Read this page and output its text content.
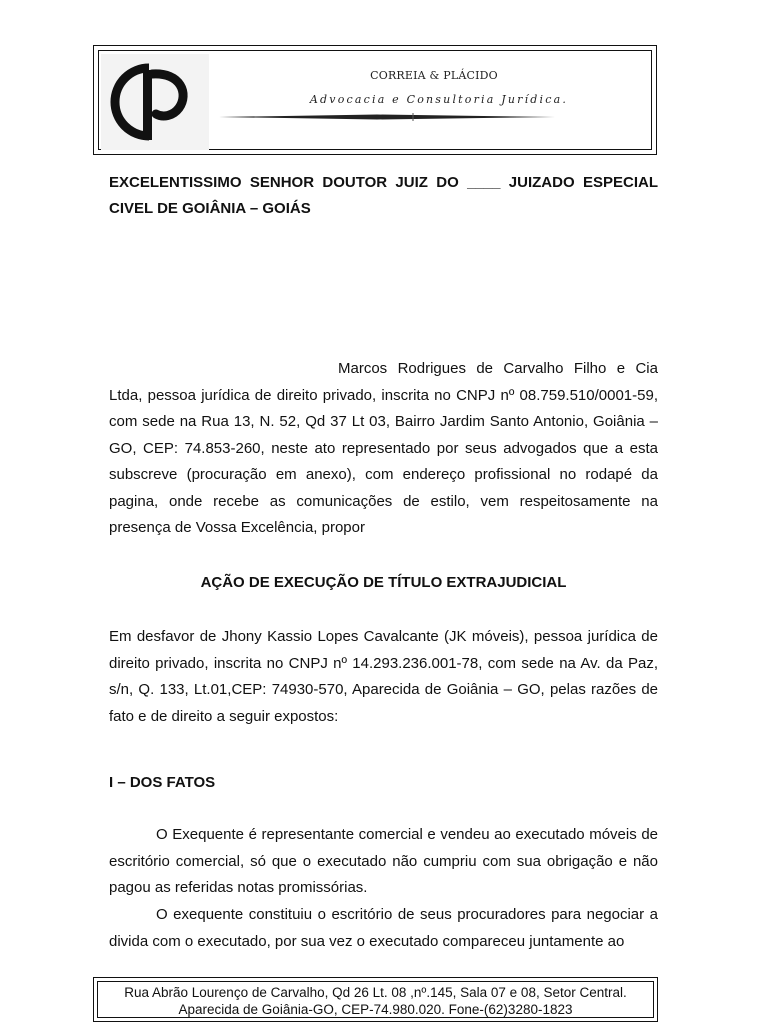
CORREIA & PLÁCIDO
Advocacia e Consultoria Jurídica.
EXCELENTISSIMO SENHOR DOUTOR JUIZ DO ____ JUIZADO ESPECIAL CIVEL DE GOIÂNIA – GOIÁS
Marcos Rodrigues de Carvalho Filho e Cia Ltda, pessoa jurídica de direito privado, inscrita no CNPJ nº 08.759.510/0001-59, com sede na Rua 13, N. 52, Qd 37 Lt 03, Bairro Jardim Santo Antonio, Goiânia – GO, CEP: 74.853-260, neste ato representado por seus advogados que a esta subscreve (procuração em anexo), com endereço profissional no rodapé da pagina, onde recebe as comunicações de estilo, vem respeitosamente na presença de Vossa Excelência, propor
AÇÃO DE EXECUÇÃO DE TÍTULO EXTRAJUDICIAL
Em desfavor de Jhony Kassio Lopes Cavalcante (JK móveis), pessoa jurídica de direito privado, inscrita no CNPJ nº 14.293.236.001-78, com sede na Av. da Paz, s/n, Q. 133, Lt.01,CEP: 74930-570, Aparecida de Goiânia – GO, pelas razões de fato e de direito a seguir expostos:
I – DOS FATOS
O Exequente é representante comercial e vendeu ao executado móveis de escritório comercial, só que o executado não cumpriu com sua obrigação e não pagou as referidas notas promissórias.
O exequente constituiu o escritório de seus procuradores para negociar a divida com o executado, por sua vez o executado compareceu juntamente ao
Rua Abrão Lourenço de Carvalho, Qd 26 Lt. 08 ,nº.145, Sala 07 e 08, Setor Central.
Aparecida de Goiânia-GO, CEP-74.980.020. Fone-(62)3280-1823
